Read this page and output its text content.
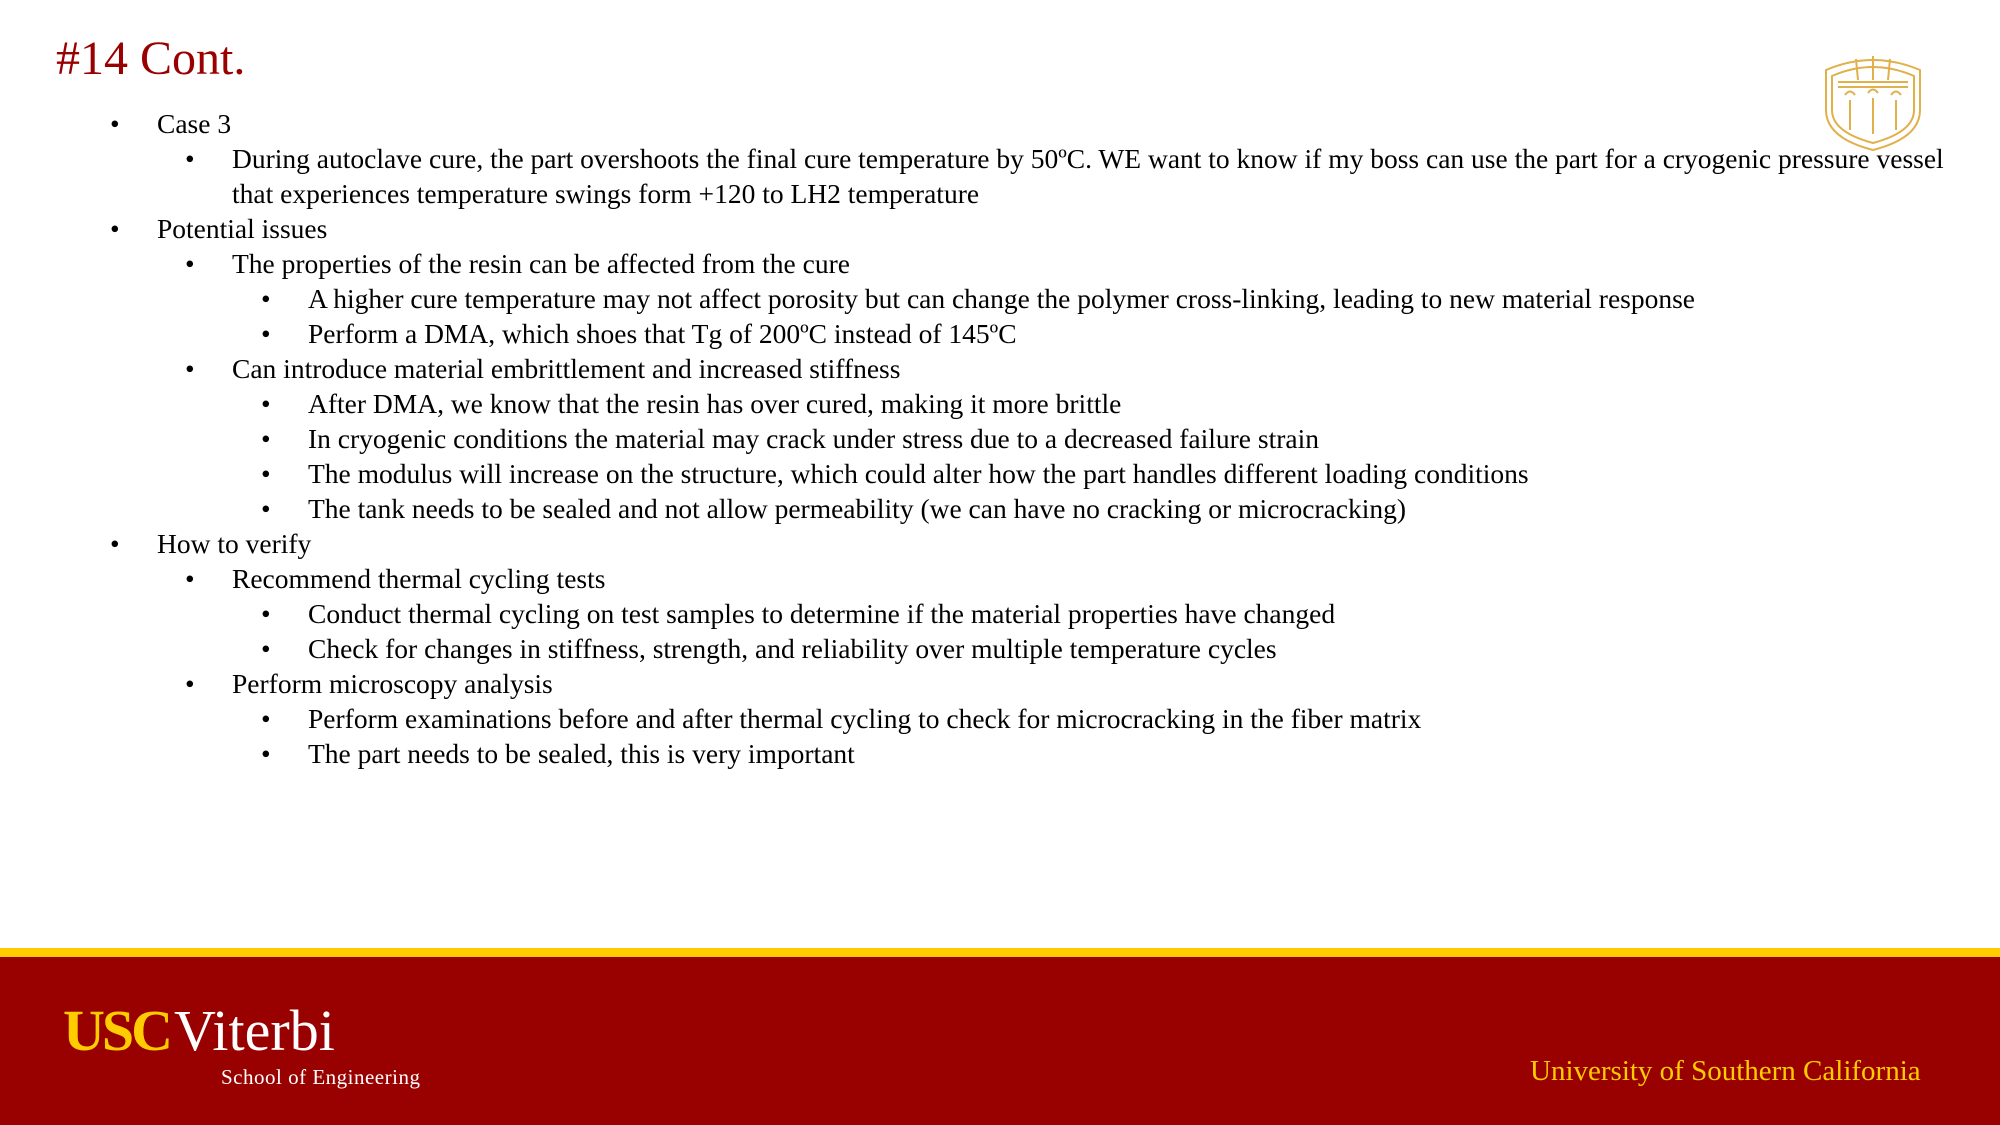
#14 Cont.
• Case 3
• During autoclave cure, the part overshoots the final cure temperature by 50ºC. WE want to know if my boss can use the part for a cryogenic pressure vessel that experiences temperature swings form +120 to LH2 temperature
• Potential issues
• The properties of the resin can be affected from the cure
• A higher cure temperature may not affect porosity but can change the polymer cross-linking, leading to new material response
• Perform a DMA, which shoes that Tg of 200ºC instead of 145ºC
• Can introduce material embrittlement and increased stiffness
• After DMA, we know that the resin has over cured, making it more brittle
• In cryogenic conditions the material may crack under stress due to a decreased failure strain
• The modulus will increase on the structure, which could alter how the part handles different loading conditions
• The tank needs to be sealed and not allow permeability (we can have no cracking or microcracking)
• How to verify
• Recommend thermal cycling tests
• Conduct thermal cycling on test samples to determine if the material properties have changed
• Check for changes in stiffness, strength, and reliability over multiple temperature cycles
• Perform microscopy analysis
• Perform examinations before and after thermal cycling to check for microcracking in the fiber matrix
• The part needs to be sealed, this is very important
USCViterbi
School of Engineering	University of Southern California
